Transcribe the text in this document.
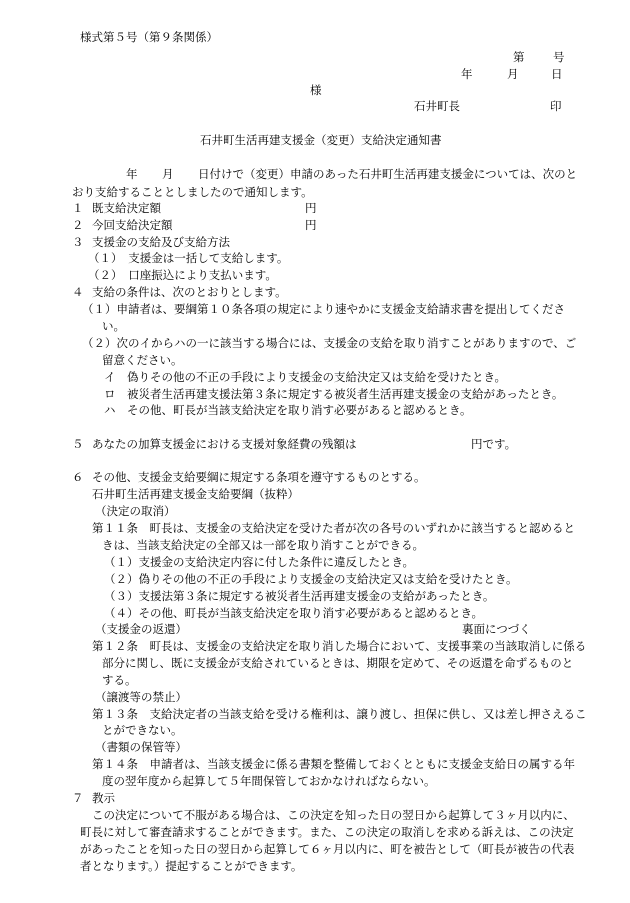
様式第５号（第９条関係）
第 号
年	月	日
様
石井町長	印
石井町生活再建支援金（変更）支給決定通知書
年 月 日付けで（変更）申請のあった石井町生活再建支援金については、次のと
おり支給することとしましたので通知します。
１ 既支給決定額	円
２ 今回支給決定額	円
３ 支援金の支給及び支給方法
（１）　支援金は一括して支給します。
（２）　口座振込により支払います。
４ 支給の条件は、次のとおりとします。
（１）申請者は、要綱第１０条各項の規定により速やかに支援金支給請求書を提出してくださ
い。
（２）次のイからハの一に該当する場合には、支援金の支給を取り消すことがありますので、ご
留意ください。
イ　偽りその他の不正の手段により支援金の支給決定又は支給を受けたとき。
ロ　被災者生活再建支援法第３条に規定する被災者生活再建支援金の支給があったとき。
ハ　その他、町長が当該支給決定を取り消す必要があると認めるとき。
５ あなたの加算支援金における支援対象経費の残額は	円です。
６ その他、支援金支給要綱に規定する条項を遵守するものとする。
石井町生活再建支援金支給要綱（抜粋）
（決定の取消）
第１１条　町長は、支援金の支給決定を受けた者が次の各号のいずれかに該当すると認めると
きは、当該支給決定の全部又は一部を取り消すことができる。
（１）支援金の支給決定内容に付した条件に違反したとき。
（２）偽りその他の不正の手段により支援金の支給決定又は支給を受けたとき。
（３）支援法第３条に規定する被災者生活再建支援金の支給があったとき。
（４）その他、町長が当該支給決定を取り消す必要があると認めるとき。
（支援金の返還）	裏面につづく
第１２条　町長は、支援金の支給決定を取り消した場合において、支援事業の当該取消しに係る
部分に関し、既に支援金が支給されているときは、期限を定めて、その返還を命ずるものと
する。
（譲渡等の禁止）
第１３条　支給決定者の当該支給を受ける権利は、譲り渡し、担保に供し、又は差し押さえるこ
とができない。
（書類の保管等）
第１４条　申請者は、当該支援金に係る書類を整備しておくとともに支援金支給日の属する年
度の翌年度から起算して５年間保管しておかなければならない。
７ 教示
この決定について不服がある場合は、この決定を知った日の翌日から起算して３ヶ月以内に、
町長に対して審査請求することができます。また、この決定の取消しを求める訴えは、この決定
があったことを知った日の翌日から起算して６ヶ月以内に、町を被告として（町長が被告の代表
者となります。）提起することができます。
